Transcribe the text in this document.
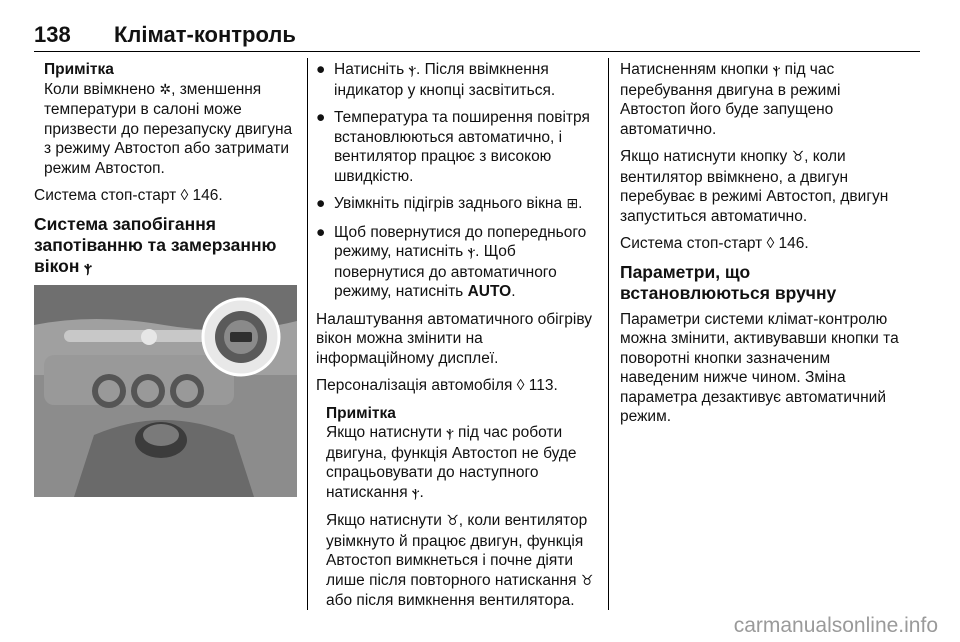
138 Клімат-контроль
Примітка

Коли ввімкнено ✲, зменшення температури в салоні може призвести до перезапуску двигуна з режиму Автостоп або затримати режим Автостоп.

Система стоп-старт ◊ 146.

Система запобігання запотіванню та замерзанню вікон ⲯ
● Натисніть ⲯ. Після ввімкнення індикатор у кнопці засвітиться.
● Температура та поширення повітря встановлюються автоматично, і вентилятор працює з високою швидкістю.
● Увімкніть підігрів заднього вікна ⊞.
● Щоб повернутися до попереднього режиму, натисніть ⲯ. Щоб повернутися до автоматичного режиму, натисніть AUTO.

Налаштування автоматичного обігріву вікон можна змінити на інформаційному дисплеї.

Персоналізація автомобіля ◊ 113.

Примітка

Якщо натиснути ⲯ під час роботи двигуна, функція Автостоп не буде спрацьовувати до наступного натискання ⲯ.

Якщо натиснути ♉, коли вентилятор увімкнуто й працює двигун, функція Автостоп вимкнеться і почне діяти лише після повторного натискання ♉ або після вимкнення вентилятора.

Натисненням кнопки ⲯ під час перебування двигуна в режимі Автостоп його буде запущено автоматично.

Якщо натиснути кнопку ♉, коли вентилятор ввімкнено, а двигун перебуває в режимі Автостоп, двигун запуститься автоматично.

Система стоп-старт ◊ 146.

Параметри, що встановлюються вручну

Параметри системи клімат-контролю можна змінити, активувавши кнопки та поворотні кнопки зазначеним наведеним нижче чином. Зміна параметра дезактивує автоматичний режим.

carmanualsonline.info
